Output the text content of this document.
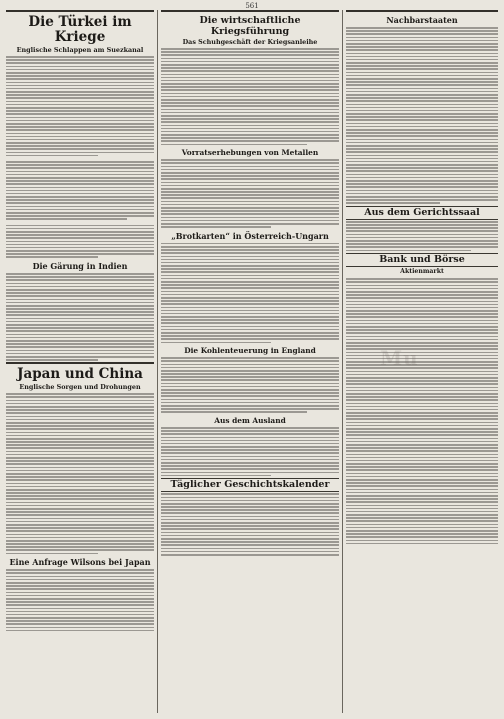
561
Die Türkei im Kriege
Englische Schlappen am Suezkanal
Die Gärung in Indien
Japan und China
Englische Sorgen und Drohungen
Eine Anfrage Wilsons bei Japan
Die wirtschaftliche Kriegsführung
Das Schuhgeschäft der Kriegsanleihe
Vorratserhebungen von Metallen
„Brotkarten“ in Österreich-Ungarn
Die Kohlenteuerung in England
Aus dem Ausland
Täglicher Geschichtskalender
Nachbarstaaten
Aus dem Gerichtssaal
Bank und Börse
Aktienmarkt
Mu
